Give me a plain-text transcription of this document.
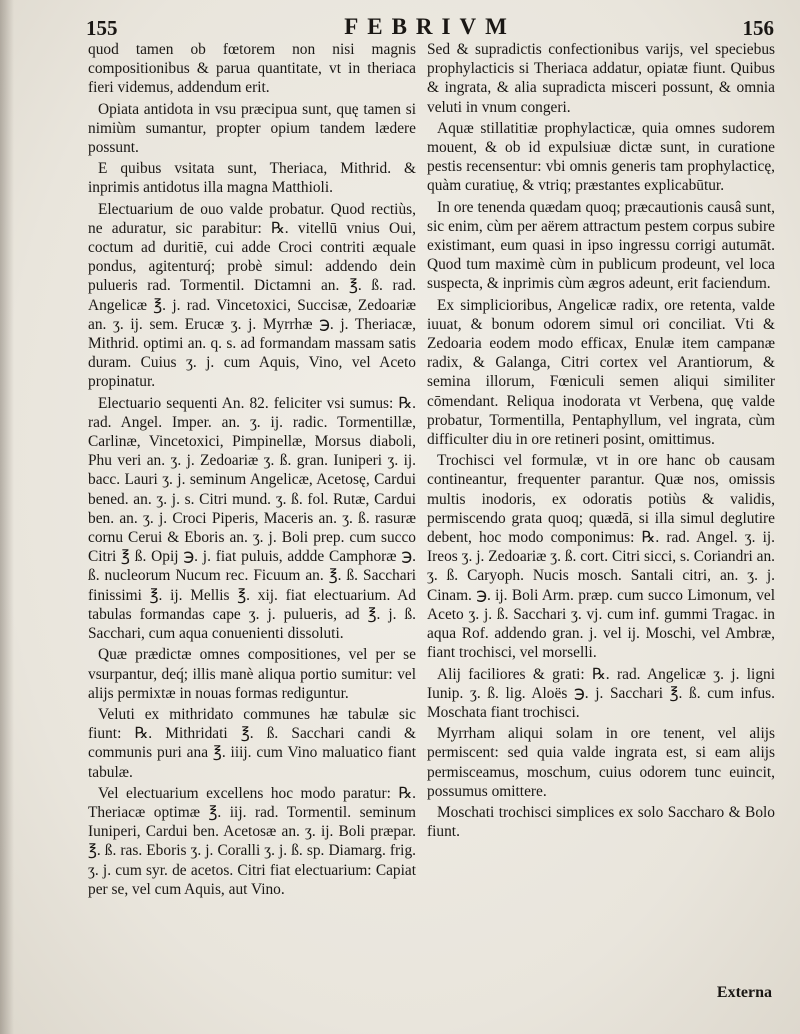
155	FEBRIVM	156

quod tamen ob fœtorem non nisi magnis compositionibus & parua quantitate, vt in theriaca fieri videmus, addendum erit.

Opiata antidota in vsu præcipua sunt, quę tamen si nimiùm sumantur, propter opium tandem lædere possunt.

E quibus vsitata sunt, Theriaca, Mithrid. & inprimis antidotus illa magna Matthioli.

Electuarium de ouo valde probatur. Quod rectiùs, ne aduratur, sic parabitur: ℞. vitellū vnius Oui, coctum ad duritiē, cui adde Croci contriti æquale pondus, agitenturq́; probè simul: addendo dein pulueris rad. Tormentil. Dictamni an. ℥. ß. rad. Angelicæ ℥. j. rad. Vincetoxici, Succisæ, Zedoariæ an. ʒ. ij. sem. Erucæ ʒ. j. Myrrhæ ℈. j. Theriacæ, Mithrid. optimi an. q. s. ad formandam massam satis duram. Cuius ʒ. j. cum Aquis, Vino, vel Aceto propinatur.

Electuario sequenti An. 82. feliciter vsi sumus: ℞. rad. Angel. Imper. an. ʒ. ij. radic. Tormentillæ, Carlinæ, Vincetoxici, Pimpinellæ, Morsus diaboli, Phu veri an. ʒ. j. Zedoariæ ʒ. ß. gran. Iuniperi ʒ. ij. bacc. Lauri ʒ. j. seminum Angelicæ, Acetosę, Cardui bened. an. ʒ. j. s. Citri mund. ʒ. ß. fol. Rutæ, Cardui ben. an. ʒ. j. Croci Piperis, Maceris an. ʒ. ß. rasuræ cornu Cerui & Eboris an. ʒ. j. Boli prep. cum succo Citri ℥ ß. Opij ℈. j. fiat puluis, addde Camphoræ ℈. ß. nucleorum Nucum rec. Ficuum an. ℥. ß. Sacchari finissimi ℥. ij. Mellis ℥. xij. fiat electuarium. Ad tabulas formandas cape ʒ. j. pulueris, ad ℥. j. ß. Sacchari, cum aqua conuenienti dissoluti.

Quæ prædictæ omnes compositiones, vel per se vsurpantur, deq́; illis manè aliqua portio sumitur: vel alijs permixtæ in nouas formas rediguntur.

Veluti ex mithridato communes hæ tabulæ sic fiunt: ℞. Mithridati ℥. ß. Sacchari candi & communis puri ana ℥. iiij. cum Vino maluatico fiant tabulæ.

Vel electuarium excellens hoc modo paratur: ℞. Theriacæ optimæ ℥. iij. rad. Tormentil. seminum Iuniperi, Cardui ben. Acetosæ an. ʒ. ij. Boli præpar. ℥. ß. ras. Eboris ʒ. j. Coralli ʒ. j. ß. sp. Diamarg. frig. ʒ. j. cum syr. de acetos. Citri fiat electuarium: Capiat per se, vel cum Aquis, aut Vino.

Sed & supradictis confectionibus varijs, vel speciebus prophylacticis si Theriaca addatur, opiatæ fiunt. Quibus & ingrata, & alia supradicta misceri possunt, & omnia veluti in vnum congeri.

Aquæ stillatitiæ prophylacticæ, quia omnes sudorem mouent, & ob id expulsiuæ dictæ sunt, in curatione pestis recensentur: vbi omnis generis tam prophylacticę, quàm curatiuę, & vtriq; præstantes explicabūtur.

In ore tenenda quædam quoq; præcautionis causâ sunt, sic enim, cùm per aërem attractum pestem corpus subire existimant, eum quasi in ipso ingressu corrigi autumāt. Quod tum maximè cùm in publicum prodeunt, vel loca suspecta, & inprimis cùm ægros adeunt, erit faciendum.

Ex simplicioribus, Angelicæ radix, ore retenta, valde iuuat, & bonum odorem simul ori conciliat. Vti & Zedoaria eodem modo efficax, Enulæ item campanæ radix, & Galanga, Citri cortex vel Arantiorum, & semina illorum, Fœniculi semen aliqui similiter cōmendant. Reliqua inodorata vt Verbena, quę valde probatur, Tormentilla, Pentaphyllum, vel ingrata, cùm difficulter diu in ore retineri posint, omittimus.

Trochisci vel formulæ, vt in ore hanc ob causam contineantur, frequenter parantur. Quæ nos, omissis multis inodoris, ex odoratis potiùs & validis, permiscendo grata quoq; quædā, si illa simul deglutire debent, hoc modo componimus: ℞. rad. Angel. ʒ. ij. Ireos ʒ. j. Zedoariæ ʒ. ß. cort. Citri sicci, s. Coriandri an. ʒ. ß. Caryoph. Nucis mosch. Santali citri, an. ʒ. j. Cinam. ℈. ij. Boli Arm. præp. cum succo Limonum, vel Aceto ʒ. j. ß. Sacchari ʒ. vj. cum inf. gummi Tragac. in aqua Rof. addendo gran. j. vel ij. Moschi, vel Ambræ, fiant trochisci, vel morselli.

Alij faciliores & grati: ℞. rad. Angelicæ ʒ. j. ligni Iunip. ʒ. ß. lig. Aloës ℈. j. Sacchari ℥. ß. cum infus. Moschata fiant trochisci.

Myrrham aliqui solam in ore tenent, vel alijs permiscent: sed quia valde ingrata est, si eam alijs permisceamus, moschum, cuius odorem tunc euincit, possumus omittere.

Moschati trochisci simplices ex solo Saccharo & Bolo fiunt.

Externa
